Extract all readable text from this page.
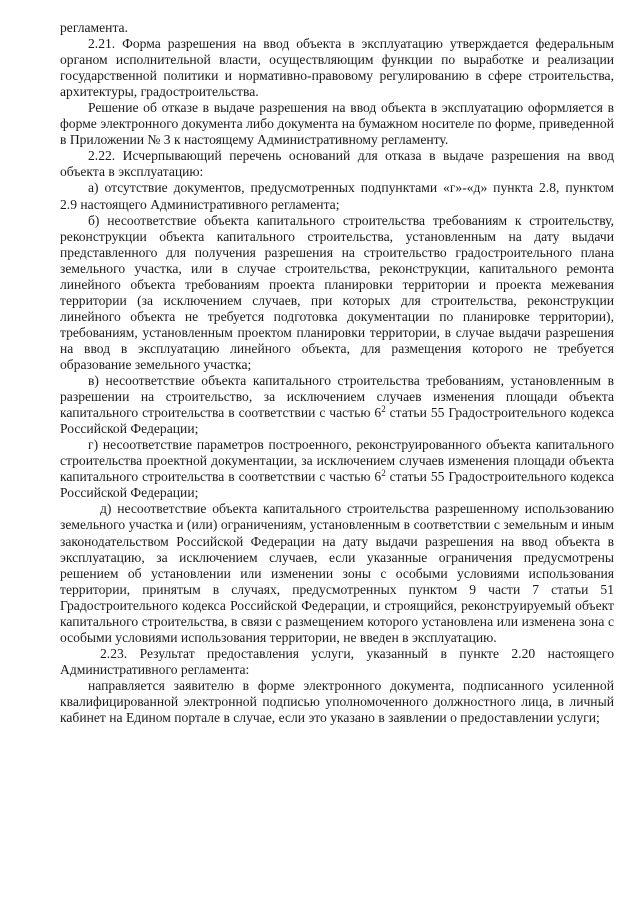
регламента.

2.21. Форма разрешения на ввод объекта в эксплуатацию утверждается федеральным органом исполнительной власти, осуществляющим функции по выработке и реализации государственной политики и нормативно-правовому регулированию в сфере строительства, архитектуры, градостроительства.

Решение об отказе в выдаче разрешения на ввод объекта в эксплуатацию оформляется в форме электронного документа либо документа на бумажном носителе по форме, приведенной в Приложении № 3 к настоящему Административному регламенту.

2.22. Исчерпывающий перечень оснований для отказа в выдаче разрешения на ввод объекта в эксплуатацию:

а) отсутствие документов, предусмотренных подпунктами «г»-«д» пункта 2.8, пунктом 2.9 настоящего Административного регламента;

б) несоответствие объекта капитального строительства требованиям к строительству, реконструкции объекта капитального строительства, установленным на дату выдачи представленного для получения разрешения на строительство градостроительного плана земельного участка, или в случае строительства, реконструкции, капитального ремонта линейного объекта требованиям проекта планировки территории и проекта межевания территории (за исключением случаев, при которых для строительства, реконструкции линейного объекта не требуется подготовка документации по планировке территории), требованиям, установленным проектом планировки территории, в случае выдачи разрешения на ввод в эксплуатацию линейного объекта, для размещения которого не требуется образование земельного участка;

в) несоответствие объекта капитального строительства требованиям, установленным в разрешении на строительство, за исключением случаев изменения площади объекта капитального строительства в соответствии с частью $6^2$ статьи 55 Градостроительного кодекса Российской Федерации;

г) несоответствие параметров построенного, реконструированного объекта капитального строительства проектной документации, за исключением случаев изменения площади объекта капитального строительства в соответствии с частью $6^2$ статьи 55 Градостроительного кодекса Российской Федерации;

д) несоответствие объекта капитального строительства разрешенному использованию земельного участка и (или) ограничениям, установленным в соответствии с земельным и иным законодательством Российской Федерации на дату выдачи разрешения на ввод объекта в эксплуатацию, за исключением случаев, если указанные ограничения предусмотрены решением об установлении или изменении зоны с особыми условиями использования территории, принятым в случаях, предусмотренных пунктом 9 части 7 статьи 51 Градостроительного кодекса Российской Федерации, и строящийся, реконструируемый объект капитального строительства, в связи с размещением которого установлена или изменена зона с особыми условиями использования территории, не введен в эксплуатацию.

2.23. Результат предоставления услуги, указанный в пункте 2.20 настоящего Административного регламента:

направляется заявителю в форме электронного документа, подписанного усиленной квалифицированной электронной подписью уполномоченного должностного лица, в личный кабинет на Едином портале в случае, если это указано в заявлении о предоставлении услуги;
